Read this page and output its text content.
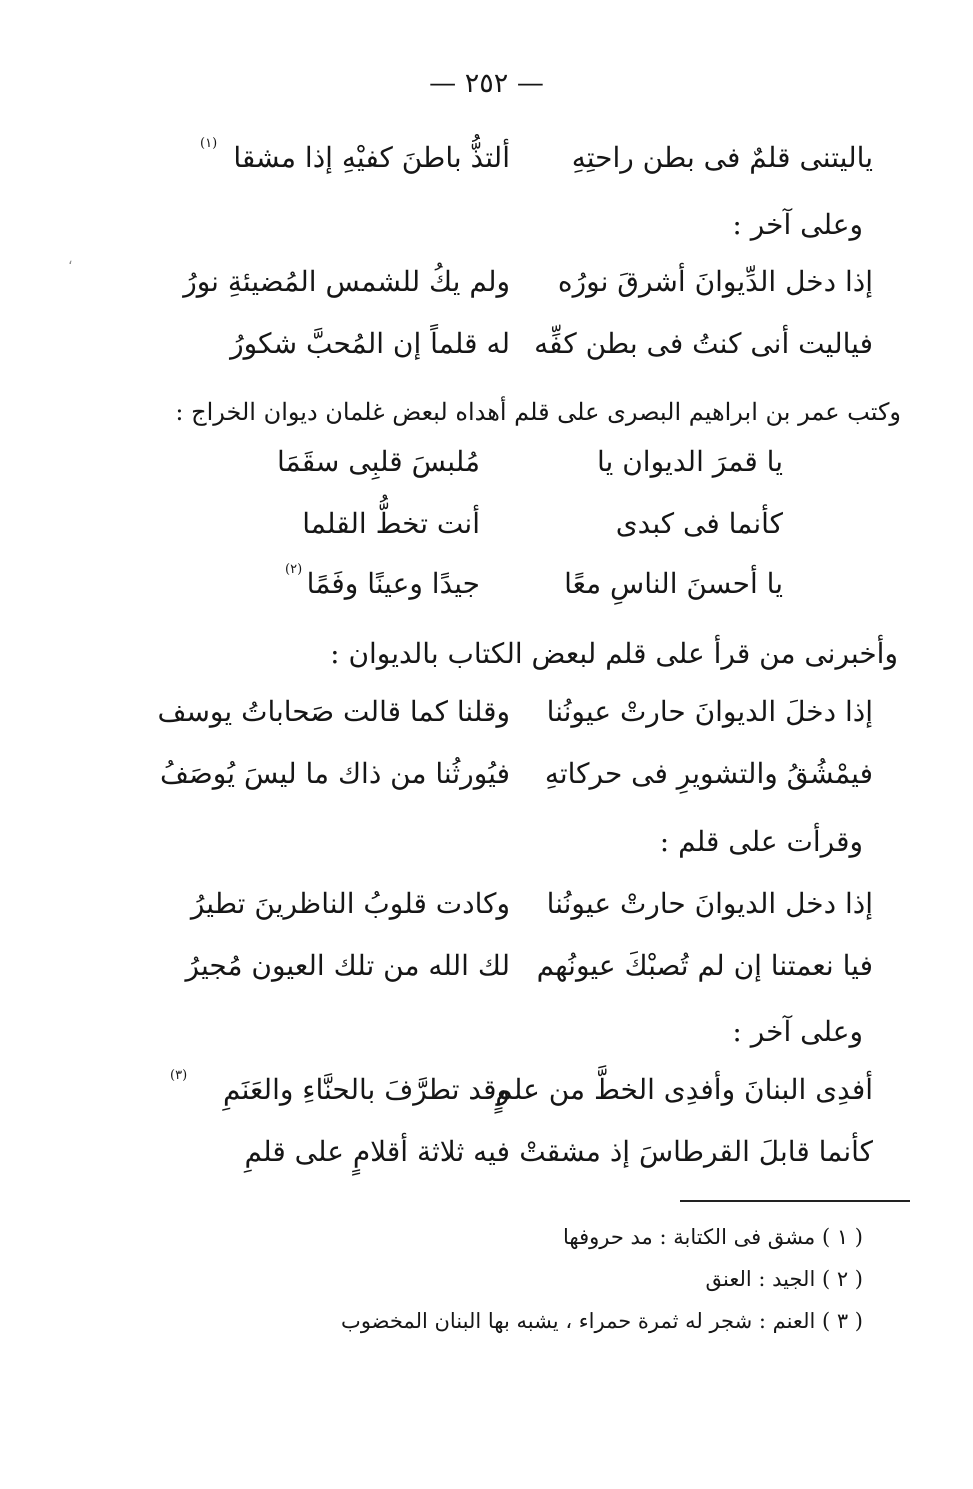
— ٢٥٢ —
ياليتنى قلمٌ فى بطن راحتِهِ
ألتذُّ باطنَ كفيْهِ إذا مشقا
(١)
وعلى آخر :
إذا دخل الدِّيوانَ أشرقَ نورُه
ولم يكُ للشمس المُضيئةِ نورُ
فياليت أنى كنتُ فى بطن كفِّه
له قلماً إن المُحبَّ شكورُ
وكتب عمر بن ابراهيم البصرى على قلم أهداه لبعض غلمان ديوان الخراج :
يا قمرَ الديوان يا
مُلبسَ قلبِى سقَمَا
كأنما فى كبدى
أنت تخطُّ القلما
يا أحسنَ الناسِ معًا
جيدًا وعينًا وفَمًا
(٢)
وأخبرنى من قرأ على قلم لبعض الكتاب بالديوان :
إذا دخلَ الديوانَ حارتْ عيونُنا
وقلنا كما قالت صَحاباتُ يوسف
فيمْشُقُ والتشويرِ فى حركاتهِ
فيُورثُنا من ذاك ما ليسَ يُوصَفُ
وقرأت على قلم :
إذا دخل الديوانَ حارتْ عيونُنا
وكادت قلوبُ الناظرينَ تطيرُ
فيا نعمتنا إن لم تُصبْكَ عيونُهم
لك الله من تلك العيون مُجيرُ
وعلى آخر :
أفدِى البنانَ وأفدِى الخطَّ من علمٍ
وقد تطرَّفَ بالحنَّاءِ والعَنَمِ
(٣)
كأنما قابلَ القرطاسَ إذ مشقتْ
فيه ثلاثة أقلامٍ على قلمِ
( ١ ) مشق فى الكتابة : مد حروفها
( ٢ ) الجيد : العنق
( ٣ ) العنم : شجر له ثمرة حمراء ، يشبه بها البنان المخضوب
،
